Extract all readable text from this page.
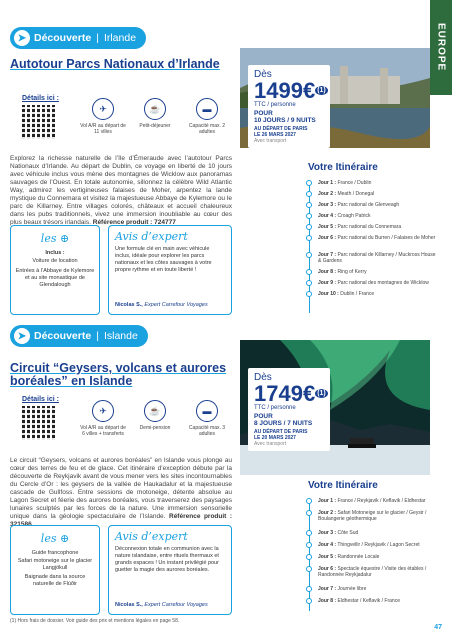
EUROPE
➤ Découverte | Irlande
Autotour Parcs Nationaux d’Irlande
Dès
1499€ $^{(1)}$
TTC / personne
POUR
10 JOURS / 9 NUITS
AU DÉPART DE PARIS
LE 26 MARS 2027
Avec transport
Détails ici :
✈
Vol A/R au départ de 11 villes
☕
Petit-déjeuner
▬
Capacité max. 2 adultes
Explorez la richesse naturelle de l’île d’Émeraude avec l’autotour Parcs Nationaux d’Irlande. Au départ de Dublin, ce voyage en liberté de 10 jours avec véhicule inclus vous mène des montagnes de Wicklow aux panoramas sauvages de l’Ouest. En totale autonomie, sillonnez la célèbre Wild Atlantic Way, admirez les vertigineuses falaises de Moher, arpentez la lande mystique du Connemara et visitez la majestueuse Abbaye de Kylemore ou le parc de Killarney. Entre villages colorés, châteaux et accueil chaleureux dans les pubs traditionnels, vivez une immersion inoubliable au cœur des plus beaux trésors irlandais. Référence produit : 724777
les ⊕
Inclus :
Voiture de location
Entrées à l’Abbaye de Kylemore et au site monastique de Glendalough
Avis d’expert
Une formule clé en main avec véhicule inclus, idéale pour explorer les parcs nationaux et les côtes sauvages à votre propre rythme et en toute liberté !
Nicolas S., Expert Carrefour Voyages
Votre Itinéraire
Jour 1 : France / Dublin
Jour 2 : Meath / Donegal
Jour 3 : Parc national de Glenveagh
Jour 4 : Croagh Patrick
Jour 5 : Parc national du Connemara
Jour 6 : Parc national du Burren / Falaises de Moher
Jour 7 : Parc national de Killarney / Muckross House & Gardens
Jour 8 : Ring of Kerry
Jour 9 : Parc national des montagnes de Wicklow
Jour 10 : Dublin / France
➤ Découverte | Islande
Circuit “Geysers, volcans et aurores boréales” en Islande	Dès
1749€ $^{(1)}$
TTC / personne
POUR
8 JOURS / 7 NUITS
AU DÉPART DE PARIS
LE 20 MARS 2027
Avec transport
Détails ici :
✈
Vol A/R au départ de 6 villes + transferts
☕
Demi-pension
▬
Capacité max. 3 adultes
Le circuit “Geysers, volcans et aurores boréales” en Islande vous plonge au cœur des terres de feu et de glace. Cet itinéraire d’exception débute par la découverte de Reykjavik avant de vous mener vers les sites incontournables du Cercle d’Or : les geysers de la vallée de Haukadalur et la majestueuse cascade de Gullfoss. Entre sessions de motoneige, détente absolue au Lagon Secret et féerie des aurores boréales, vous traverserez des paysages lunaires sculptés par les forces de la nature. Une immersion sensorielle unique dans la géologie spectaculaire de l’Islande. Référence produit : 321586
les ⊕
Guide francophone
Safari motoneige sur le glacier Langjökull
Baignade dans la source naturelle de Flúðir
Avis d’expert
Déconnexion totale en communion avec la nature islandaise, entre rituels thermaux et grands espaces ! Un instant privilégié pour guetter la magie des aurores boréales.
Nicolas S., Expert Carrefour Voyages
Votre Itinéraire
Jour 1 : France / Reykjavik / Keflavik / Eldhestar
Jour 2 : Safari Motoneige sur le glacier / Geysir / Boulangerie géothermique
Jour 3 : Côte Sud
Jour 4 : Thingvellir / Reykjavik / Lagon Secret
Jour 5 : Randonnée Locale
Jour 6 : Spectacle équestre / Visite des étables / Randonnée Reykjadalur
Jour 7 : Journée libre
Jour 8 : Eldhestar / Keflavik / France
(1) Hors frais de dossier. Voir guide des prix et mentions légales en page 58.
47
